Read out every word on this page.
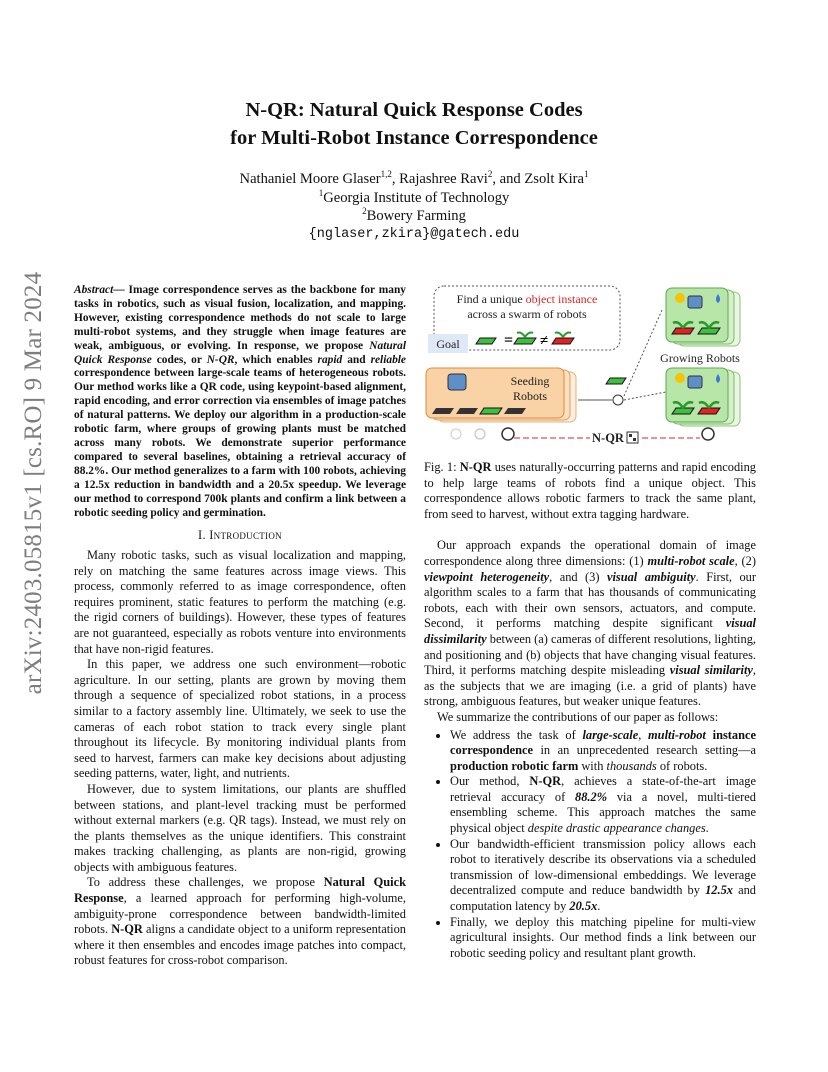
N-QR: Natural Quick Response Codes
for Multi-Robot Instance Correspondence
Nathaniel Moore Glaser$^{1,2}$, Rajashree Ravi$^2$, and Zsolt Kira$^1$
$^1$Georgia Institute of Technology
$^2$Bowery Farming
{nglaser,zkira}@gatech.edu
arXiv:2403.05815v1 [cs.RO] 9 Mar 2024 Abstract— Image correspondence serves as the backbone for many tasks in robotics, such as visual fusion, localization, and mapping. However, existing correspondence methods do not scale to large multi-robot systems, and they struggle when image features are weak, ambiguous, or evolving. In response, we propose Natural Quick Response codes, or N-QR, which enables rapid and reliable correspondence between large-scale teams of heterogeneous robots. Our method works like a QR code, using keypoint-based alignment, rapid encoding, and error correction via ensembles of image patches of natural patterns. We deploy our algorithm in a production-scale robotic farm, where groups of growing plants must be matched across many robots. We demonstrate superior performance compared to several baselines, obtaining a retrieval accuracy of 88.2%. Our method generalizes to a farm with 100 robots, achieving a 12.5x reduction in bandwidth and a 20.5x speedup. We leverage our method to correspond 700k plants and confirm a link between a robotic seeding policy and germination.
I. Introduction

Many robotic tasks, such as visual localization and mapping, rely on matching the same features across image views. This process, commonly referred to as image correspondence, often requires prominent, static features to perform the matching (e.g. the rigid corners of buildings). However, these types of features are not guaranteed, especially as robots venture into environments that have non-rigid features.

In this paper, we address one such environment—robotic agriculture. In our setting, plants are grown by moving them through a sequence of specialized robot stations, in a process similar to a factory assembly line. Ultimately, we seek to use the cameras of each robot station to track every single plant throughout its lifecycle. By monitoring individual plants from seed to harvest, farmers can make key decisions about adjusting seeding patterns, water, light, and nutrients.

However, due to system limitations, our plants are shuffled between stations, and plant-level tracking must be performed without external markers (e.g. QR tags). Instead, we must rely on the plants themselves as the unique identifiers. This constraint makes tracking challenging, as plants are non-rigid, growing objects with ambiguous features.

To address these challenges, we propose Natural Quick Response, a learned approach for performing high-volume, ambiguity-prone correspondence between bandwidth-limited robots. N-QR aligns a candidate object to a uniform representation where it then ensembles and encodes image patches into compact, robust features for cross-robot comparison.

Find a unique object instance
across a swarm of robots
Goal	= ≠
Growing Robots
Seeding
Robots
N-QR
Fig. 1: N-QR uses naturally-occurring patterns and rapid encoding to help large teams of robots find a unique object. This correspondence allows robotic farmers to track the same plant, from seed to harvest, without extra tagging hardware.

Our approach expands the operational domain of image correspondence along three dimensions: (1) multi-robot scale, (2) viewpoint heterogeneity, and (3) visual ambiguity. First, our algorithm scales to a farm that has thousands of communicating robots, each with their own sensors, actuators, and compute. Second, it performs matching despite significant visual dissimilarity between (a) cameras of different resolutions, lighting, and positioning and (b) objects that have changing visual features. Third, it performs matching despite misleading visual similarity, as the subjects that we are imaging (i.e. a grid of plants) have strong, ambiguous features, but weaker unique features.

We summarize the contributions of our paper as follows:

• We address the task of large-scale, multi-robot instance correspondence in an unprecedented research setting—a production robotic farm with thousands of robots.
• Our method, N-QR, achieves a state-of-the-art image retrieval accuracy of 88.2% via a novel, multi-tiered ensembling scheme. This approach matches the same physical object despite drastic appearance changes.
• Our bandwidth-efficient transmission policy allows each robot to iteratively describe its observations via a scheduled transmission of low-dimensional embeddings. We leverage decentralized compute and reduce bandwidth by 12.5x and computation latency by 20.5x.
• Finally, we deploy this matching pipeline for multi-view agricultural insights. Our method finds a link between our robotic seeding policy and resultant plant growth.
